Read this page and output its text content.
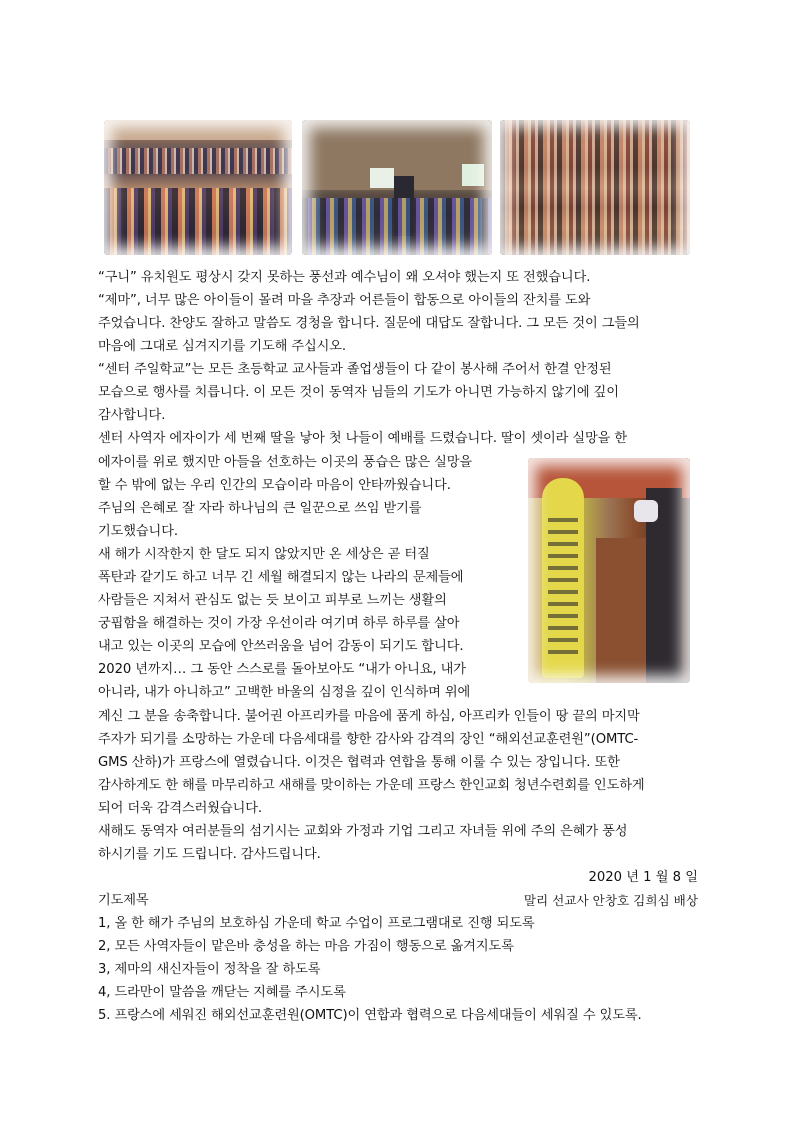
“구니” 유치원도 평상시 갖지 못하는 풍선과 예수님이 왜 오셔야 했는지 또 전했습니다.
“제마”, 너무 많은 아이들이 몰려 마을 추장과 어른들이 합동으로 아이들의 잔치를 도와
주었습니다. 찬양도 잘하고 말씀도 경청을 합니다. 질문에 대답도 잘합니다. 그 모든 것이 그들의
마음에 그대로 심겨지기를 기도해 주십시오.
“센터 주일학교”는 모든 초등학교 교사들과 졸업생들이 다 같이 봉사해 주어서 한결 안정된
모습으로 행사를 치릅니다. 이 모든 것이 동역자 님들의 기도가 아니면 가능하지 않기에 깊이
감사합니다.
센터 사역자 에자이가 세 번째 딸을 낳아 첫 나들이 예배를 드렸습니다. 딸이 셋이라 실망을 한
에자이를 위로 했지만 아들을 선호하는 이곳의 풍습은 많은 실망을
할 수 밖에 없는 우리 인간의 모습이라 마음이 안타까웠습니다.
주님의 은혜로 잘 자라 하나님의 큰 일꾼으로 쓰임 받기를
기도했습니다.
새 해가 시작한지 한 달도 되지 않았지만 온 세상은 곧 터질
폭탄과 같기도 하고 너무 긴 세월 해결되지 않는 나라의 문제들에
사람들은 지쳐서 관심도 없는 듯 보이고 피부로 느끼는 생활의
궁핍함을 해결하는 것이 가장 우선이라 여기며 하루 하루를 살아
내고 있는 이곳의 모습에 안쓰러움을 넘어 감동이 되기도 합니다.
2020 년까지… 그 동안 스스로를 돌아보아도 “내가 아니요, 내가
아니라, 내가 아니하고” 고백한 바울의 심정을 깊이 인식하며 위에
계신 그 분을 송축합니다. 불어권 아프리카를 마음에 품게 하심, 아프리카 인들이 땅 끝의 마지막
주자가 되기를 소망하는 가운데 다음세대를 향한 감사와 감격의 장인 “해외선교훈련원”(OMTC-
GMS 산하)가 프랑스에 열렸습니다. 이것은 협력과 연합을 통해 이룰 수 있는 장입니다. 또한
감사하게도 한 해를 마무리하고 새해를 맞이하는 가운데 프랑스 한인교회 청년수련회를 인도하게
되어 더욱 감격스러웠습니다.
새해도 동역자 여러분들의 섬기시는 교회와 가정과 기업 그리고 자녀들 위에 주의 은혜가 풍성
하시기를 기도 드립니다. 감사드립니다.
2020 년 1 월 8 일
기도제목	말리 선교사 안창호 김희심 배상
1, 올 한 해가 주님의 보호하심 가운데 학교 수업이 프로그램대로 진행 되도록
2, 모든 사역자들이 맡은바 충성을 하는 마음 가짐이 행동으로 옮겨지도록
3, 제마의 새신자들이 정착을 잘 하도록
4, 드라만이 말씀을 깨닫는 지혜를 주시도록
5. 프랑스에 세워진 해외선교훈련원(OMTC)이 연합과 협력으로 다음세대들이 세워질 수 있도록.
